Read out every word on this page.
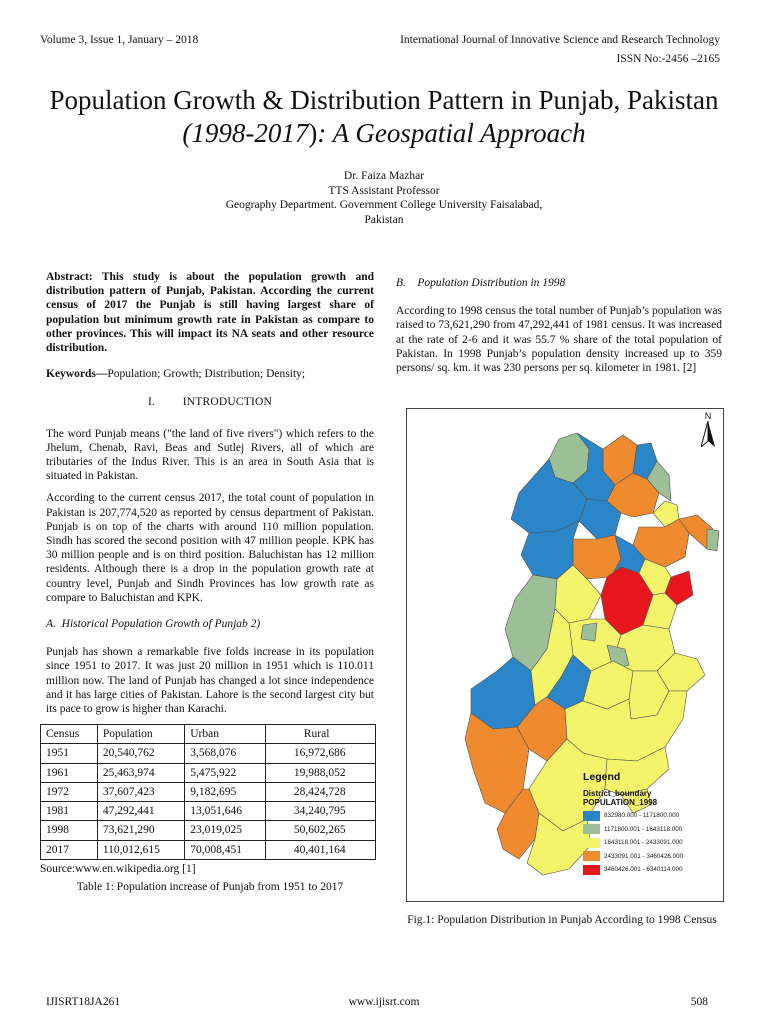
Volume 3, Issue 1, January – 2018	International Journal of Innovative Science and Research Technology
ISSN No:-2456 –2165
Population Growth & Distribution Pattern in Punjab, Pakistan (1998-2017): A Geospatial Approach
Dr. Faiza Mazhar
TTS Assistant Professor
Geography Department. Government College University Faisalabad,
Pakistan

Abstract: This study is about the population growth and distribution pattern of Punjab, Pakistan. According the current census of 2017 the Punjab is still having largest share of population but minimum growth rate in Pakistan as compare to other provinces. This will impact its NA seats and other resource distribution.

Keywords—Population; Growth; Distribution; Density;

I.         INTRODUCTION

The word Punjab means ("the land of five rivers") which refers to the Jhelum, Chenab, Ravi, Beas and Sutlej Rivers, all of which are tributaries of the Indus River. This is an area in South Asia that is situated in Pakistan.

According to the current census 2017, the total count of population in Pakistan is 207,774,520 as reported by census department of Pakistan. Punjab is on top of the charts with around 110 million population. Sindh has scored the second position with 47 million people. KPK has 30 million people and is on third position. Baluchistan has 12 million residents. Although there is a drop in the population growth rate at country level, Punjab and Sindh Provinces has low growth rate as compare to Baluchistan and KPK.

A.  Historical Population Growth of Punjab 2)

Punjab has shown a remarkable five folds increase in its population since 1951 to 2017. It was just 20 million in 1951 which is 110.011 million now. The land of Punjab has changed a lot since independence and it has large cities of Pakistan. Lahore is the second largest city but its pace to grow is higher than Karachi.

Census	Population	Urban	Rural
1951	20,540,762	3,568,076	16,972,686
1961	25,463,974	5,475,922	19,988,052
1972	37,607,423	9,182,695	28,424,728
1981	47,292,441	13,051,646	34,240,795
1998	73,621,290	23,019,025	50,602,265
2017	110,012,615	70,008,451	40,401,164
Source:www.en.wikipedia.org [1]
Table 1: Population increase of Punjab from 1951 to 2017
B.    Population Distribution in 1998

According to 1998 census the total number of Punjab’s population was raised to 73,621,290 from 47,292,441 of 1981 census. It was increased at the rate of 2-6 and it was 55.7 % share of the total population of Pakistan. In 1998 Punjab’s population density increased up to 359 persons/ sq. km. it was 230 persons per sq. kilometer in 1981. [2]

N
Legend
District_boundary
POPULATION_1998
832980.000 - 1171800.000
1171800.001 - 1643118.000
1643118.001 - 2433091.000
2433091.001 - 3460426.000
3460426.001 - 6340114.000
Fig.1: Population Distribution in Punjab According to 1998 Census
IJISRT18JA261	www.ijisrt.com	508
